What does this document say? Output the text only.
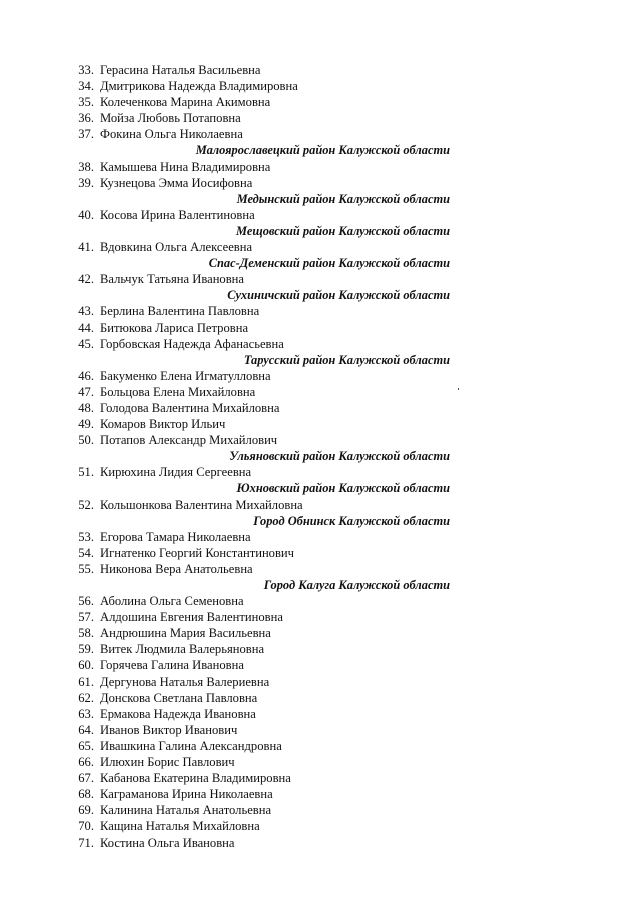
33. Герасина Наталья Васильевна
34. Дмитрикова Надежда Владимировна
35. Колеченкова Марина Акимовна
36. Мойза Любовь Потаповна
37. Фокина Ольга Николаевна
Малоярославецкий район Калужской области
38. Камышева Нина Владимировна
39. Кузнецова Эмма Иосифовна
Медынский район Калужской области
40. Косова Ирина Валентиновна
Мещовский район Калужской области
41. Вдовкина Ольга Алексеевна
Спас-Деменский район Калужской области
42. Вальчук Татьяна Ивановна
Сухиничский район Калужской области
43. Берлина Валентина Павловна
44. Битюкова Лариса Петровна
45. Горбовская Надежда Афанасьевна
Тарусский район Калужской области
46. Бакуменко Елена Игматулловна
47. Больцова Елена Михайловна
48. Голодова Валентина Михайловна
49. Комаров Виктор Ильич
50. Потапов Александр Михайлович
Ульяновский район Калужской области
51. Кирюхина Лидия Сергеевна
Юхновский район Калужской области
52. Кольшонкова Валентина Михайловна
Город Обнинск Калужской области
53. Егорова Тамара Николаевна
54. Игнатенко Георгий Константинович
55. Никонова Вера Анатольевна
Город Калуга Калужской области
56. Аболина Ольга Семеновна
57. Алдошина Евгения Валентиновна
58. Андрюшина Мария Васильевна
59. Витек Людмила Валерьяновна
60. Горячева Галина Ивановна
61. Дергунова Наталья Валериевна
62. Донскова Светлана Павловна
63. Ермакова Надежда Ивановна
64. Иванов Виктор Иванович
65. Ивашкина Галина Александровна
66. Илюхин Борис Павлович
67. Кабанова Екатерина Владимировна
68. Каграманова Ирина Николаевна
69. Калинина Наталья Анатольевна
70. Кащина Наталья Михайловна
71. Костина Ольга Ивановна
